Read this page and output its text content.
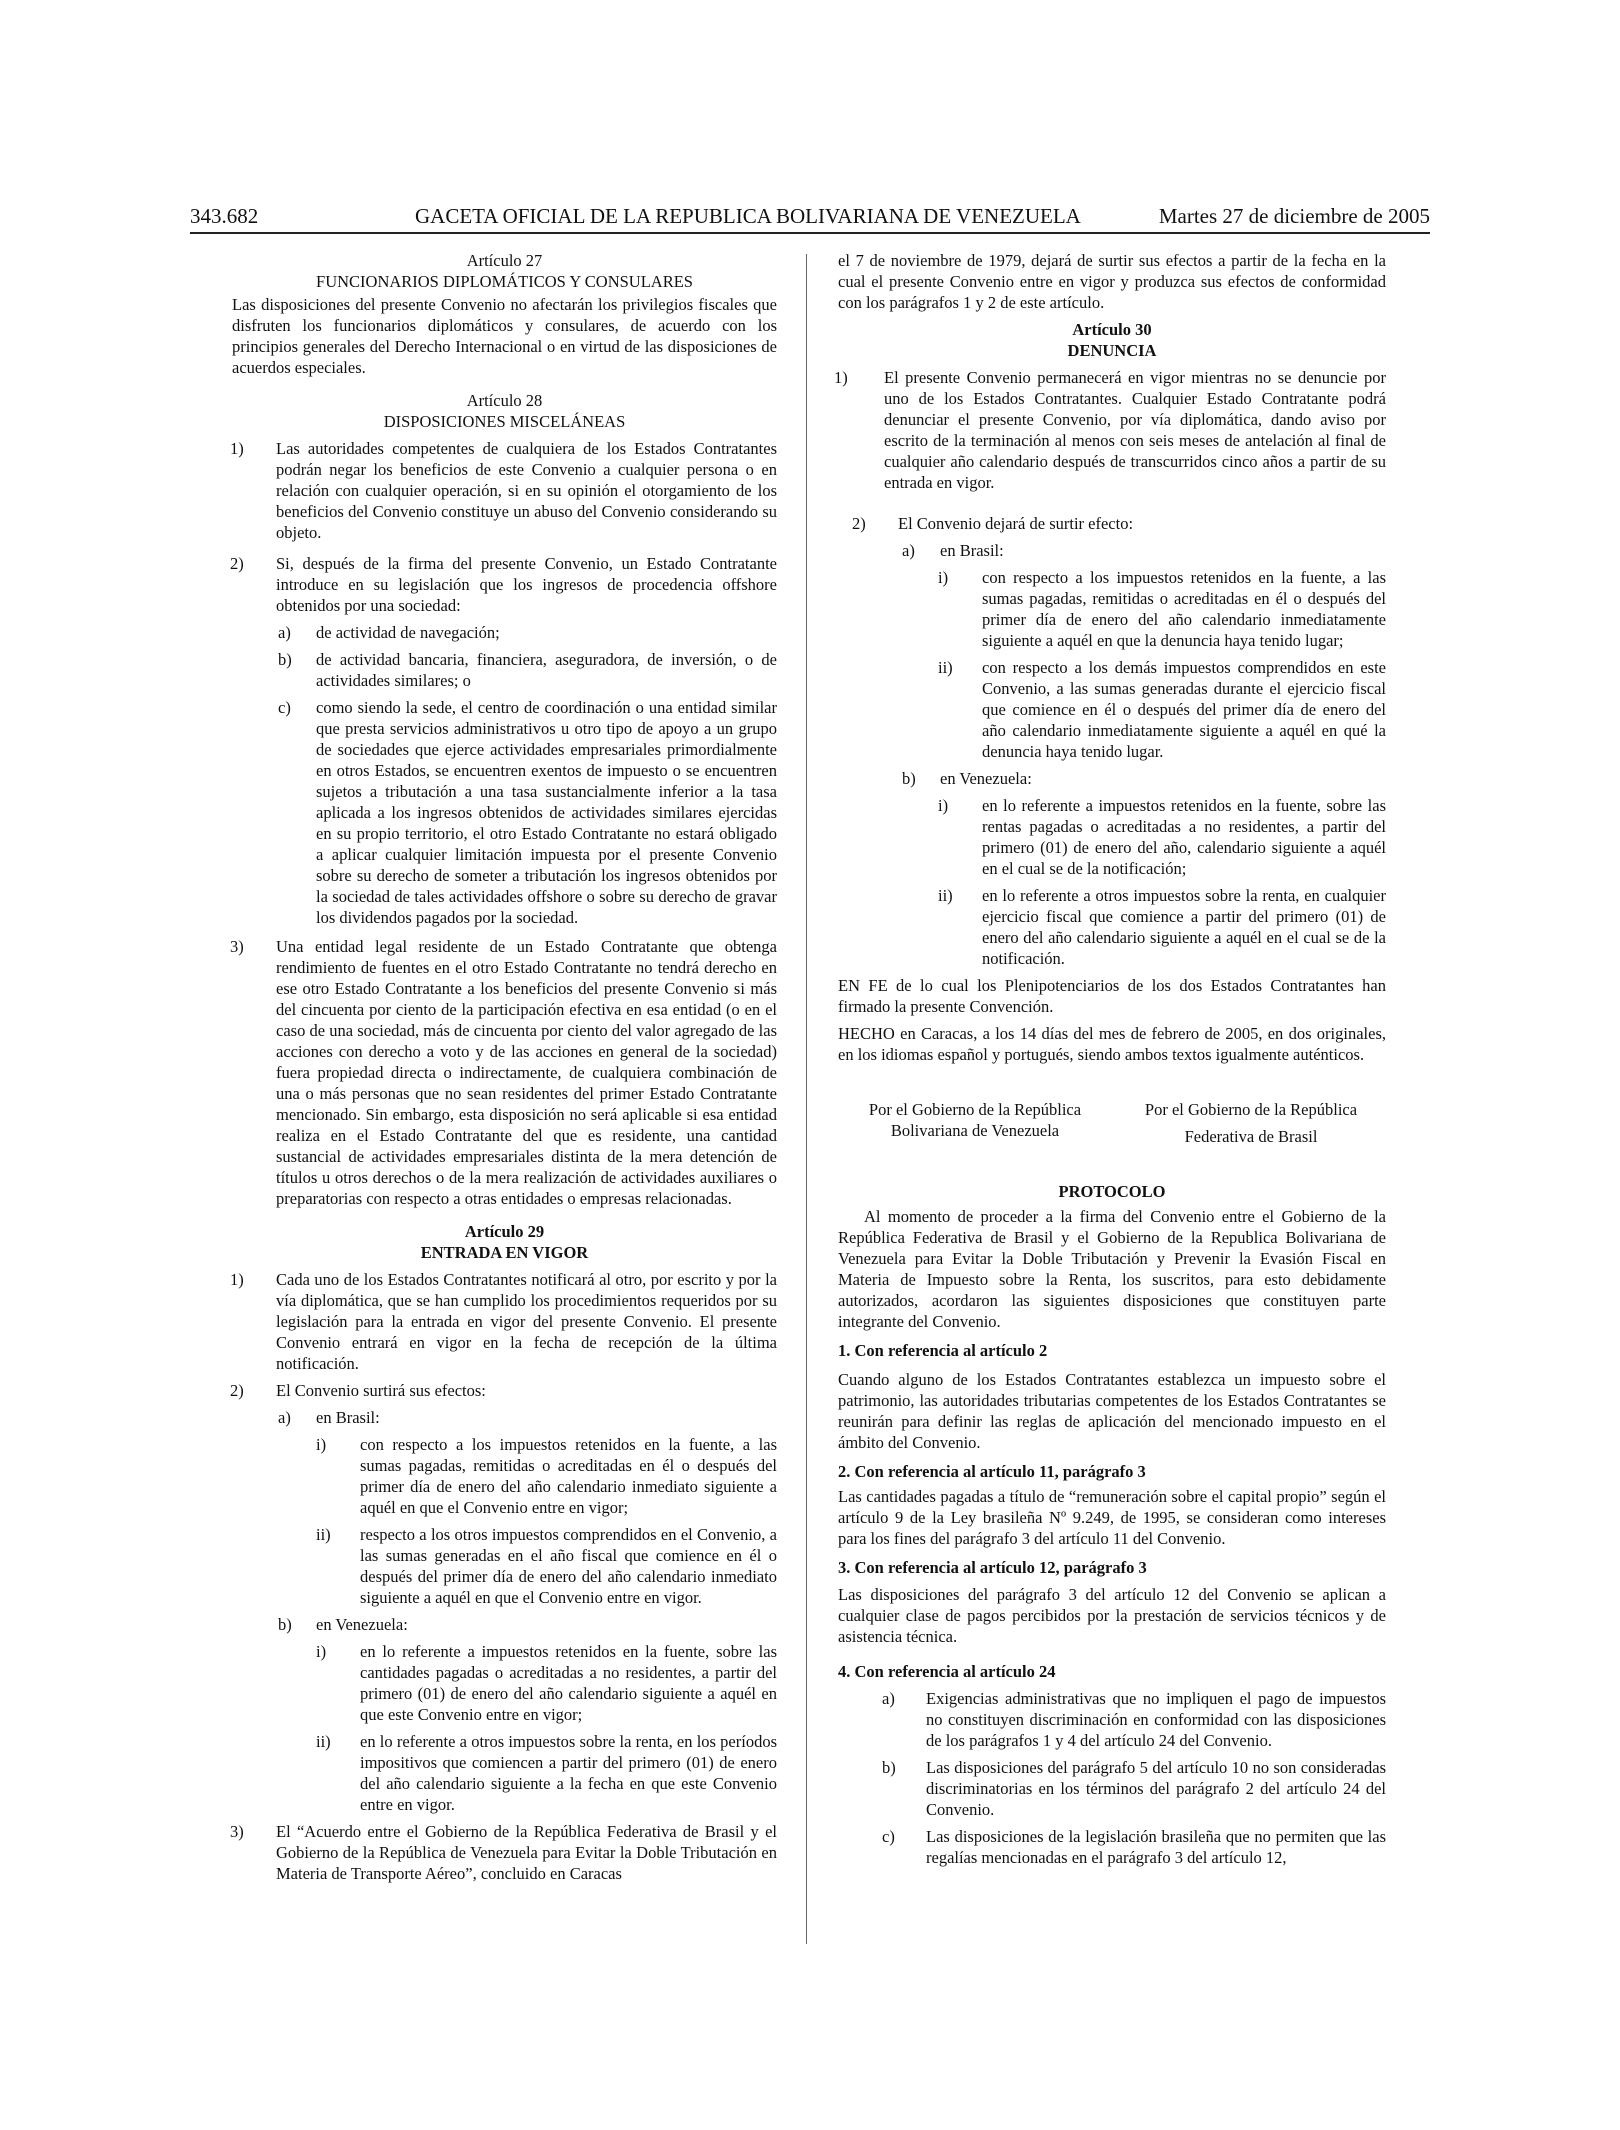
343.682	GACETA OFICIAL DE LA REPUBLICA BOLIVARIANA DE VENEZUELA	Martes 27 de diciembre de 2005

Artículo 27

FUNCIONARIOS DIPLOMÁTICOS Y CONSULARES

Las disposiciones del presente Convenio no afectarán los privilegios fiscales que disfruten los funcionarios diplomáticos y consulares, de acuerdo con los principios generales del Derecho Internacional o en virtud de las disposiciones de acuerdos especiales.

Artículo 28

DISPOSICIONES MISCELÁNEAS

1) Las autoridades competentes de cualquiera de los Estados Contratantes podrán negar los beneficios de este Convenio a cualquier persona o en relación con cualquier operación, si en su opinión el otorgamiento de los beneficios del Convenio constituye un abuso del Convenio considerando su objeto.
2) Si, después de la firma del presente Convenio, un Estado Contratante introduce en su legislación que los ingresos de procedencia offshore obtenidos por una sociedad:
a) de actividad de navegación;
b) de actividad bancaria, financiera, aseguradora, de inversión, o de actividades similares; o
c) como siendo la sede, el centro de coordinación o una entidad similar que presta servicios administrativos u otro tipo de apoyo a un grupo de sociedades que ejerce actividades empresariales primordialmente en otros Estados, se encuentren exentos de impuesto o se encuentren sujetos a tributación a una tasa sustancialmente inferior a la tasa aplicada a los ingresos obtenidos de actividades similares ejercidas en su propio territorio, el otro Estado Contratante no estará obligado a aplicar cualquier limitación impuesta por el presente Convenio sobre su derecho de someter a tributación los ingresos obtenidos por la sociedad de tales actividades offshore o sobre su derecho de gravar los dividendos pagados por la sociedad.
3) Una entidad legal residente de un Estado Contratante que obtenga rendimiento de fuentes en el otro Estado Contratante no tendrá derecho en ese otro Estado Contratante a los beneficios del presente Convenio si más del cincuenta por ciento de la participación efectiva en esa entidad (o en el caso de una sociedad, más de cincuenta por ciento del valor agregado de las acciones con derecho a voto y de las acciones en general de la sociedad) fuera propiedad directa o indirectamente, de cualquiera combinación de una o más personas que no sean residentes del primer Estado Contratante mencionado. Sin embargo, esta disposición no será aplicable si esa entidad realiza en el Estado Contratante del que es residente, una cantidad sustancial de actividades empresariales distinta de la mera detención de títulos u otros derechos o de la mera realización de actividades auxiliares o preparatorias con respecto a otras entidades o empresas relacionadas.

Artículo 29

ENTRADA EN VIGOR

1) Cada uno de los Estados Contratantes notificará al otro, por escrito y por la vía diplomática, que se han cumplido los procedimientos requeridos por su legislación para la entrada en vigor del presente Convenio. El presente Convenio entrará en vigor en la fecha de recepción de la última notificación.
2) El Convenio surtirá sus efectos:
a) en Brasil:
i) con respecto a los impuestos retenidos en la fuente, a las sumas pagadas, remitidas o acreditadas en él o después del primer día de enero del año calendario inmediato siguiente a aquél en que el Convenio entre en vigor;
ii) respecto a los otros impuestos comprendidos en el Convenio, a las sumas generadas en el año fiscal que comience en él o después del primer día de enero del año calendario inmediato siguiente a aquél en que el Convenio entre en vigor.
b) en Venezuela:
i) en lo referente a impuestos retenidos en la fuente, sobre las cantidades pagadas o acreditadas a no residentes, a partir del primero (01) de enero del año calendario siguiente a aquél en que este Convenio entre en vigor;
ii) en lo referente a otros impuestos sobre la renta, en los períodos impositivos que comiencen a partir del primero (01) de enero del año calendario siguiente a la fecha en que este Convenio entre en vigor.
3) El “Acuerdo entre el Gobierno de la República Federativa de Brasil y el Gobierno de la República de Venezuela para Evitar la Doble Tributación en Materia de Transporte Aéreo”, concluido en Caracas

el 7 de noviembre de 1979, dejará de surtir sus efectos a partir de la fecha en la cual el presente Convenio entre en vigor y produzca sus efectos de conformidad con los parágrafos 1 y 2 de este artículo.

Artículo 30

DENUNCIA

1) El presente Convenio permanecerá en vigor mientras no se denuncie por uno de los Estados Contratantes. Cualquier Estado Contratante podrá denunciar el presente Convenio, por vía diplomática, dando aviso por escrito de la terminación al menos con seis meses de antelación al final de cualquier año calendario después de transcurridos cinco años a partir de su entrada en vigor.
2) El Convenio dejará de surtir efecto:
a) en Brasil:
i) con respecto a los impuestos retenidos en la fuente, a las sumas pagadas, remitidas o acreditadas en él o después del primer día de enero del año calendario inmediatamente siguiente a aquél en que la denuncia haya tenido lugar;
ii) con respecto a los demás impuestos comprendidos en este Convenio, a las sumas generadas durante el ejercicio fiscal que comience en él o después del primer día de enero del año calendario inmediatamente siguiente a aquél en qué la denuncia haya tenido lugar.
b) en Venezuela:
i) en lo referente a impuestos retenidos en la fuente, sobre las rentas pagadas o acreditadas a no residentes, a partir del primero (01) de enero del año, calendario siguiente a aquél en el cual se de la notificación;
ii) en lo referente a otros impuestos sobre la renta, en cualquier ejercicio fiscal que comience a partir del primero (01) de enero del año calendario siguiente a aquél en el cual se de la notificación.

EN FE de lo cual los Plenipotenciarios de los dos Estados Contratantes han firmado la presente Convención.

HECHO en Caracas, a los 14 días del mes de febrero de 2005, en dos originales, en los idiomas español y portugués, siendo ambos textos igualmente auténticos.

Por el Gobierno de la República

Bolivariana de Venezuela

Por el Gobierno de la República

Federativa de Brasil

PROTOCOLO

Al momento de proceder a la firma del Convenio entre el Gobierno de la República Federativa de Brasil y el Gobierno de la Republica Bolivariana de Venezuela para Evitar la Doble Tributación y Prevenir la Evasión Fiscal en Materia de Impuesto sobre la Renta, los suscritos, para esto debidamente autorizados, acordaron las siguientes disposiciones que constituyen parte integrante del Convenio.

1. Con referencia al artículo 2

Cuando alguno de los Estados Contratantes establezca un impuesto sobre el patrimonio, las autoridades tributarias competentes de los Estados Contratantes se reunirán para definir las reglas de aplicación del mencionado impuesto en el ámbito del Convenio.

2. Con referencia al artículo 11, parágrafo 3

Las cantidades pagadas a título de “remuneración sobre el capital propio” según el artículo 9 de la Ley brasileña Nº 9.249, de 1995, se consideran como intereses para los fines del parágrafo 3 del artículo 11 del Convenio.

3. Con referencia al artículo 12, parágrafo 3

Las disposiciones del parágrafo 3 del artículo 12 del Convenio se aplican a cualquier clase de pagos percibidos por la prestación de servicios técnicos y de asistencia técnica.

4. Con referencia al artículo 24

a) Exigencias administrativas que no impliquen el pago de impuestos no constituyen discriminación en conformidad con las disposiciones de los parágrafos 1 y 4 del artículo 24 del Convenio.
b) Las disposiciones del parágrafo 5 del artículo 10 no son consideradas discriminatorias en los términos del parágrafo 2 del artículo 24 del Convenio.
c) Las disposiciones de la legislación brasileña que no permiten que las regalías mencionadas en el parágrafo 3 del artículo 12,
